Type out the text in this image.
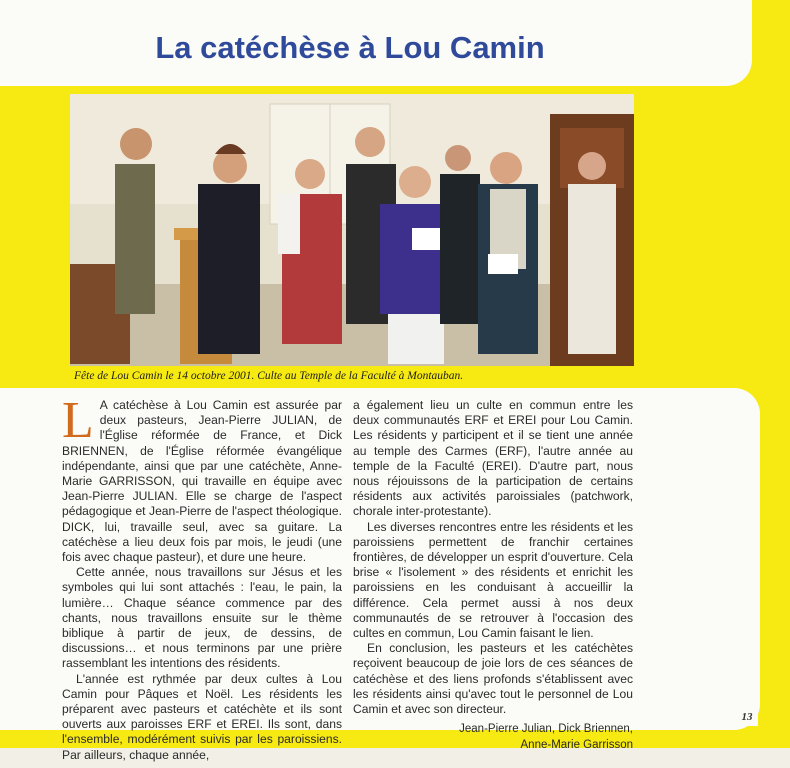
La catéchèse à Lou Camin
Fête de Lou Camin le 14 octobre 2001. Culte au Temple de la Faculté à Montauban.

L A catéchèse à Lou Camin est assurée par deux pasteurs, Jean-Pierre JULIAN, de l'Église réformée de France, et Dick BRIENNEN, de l'Église réformée évangélique indépendante, ainsi que par une catéchète, Anne-Marie GARRISSON, qui travaille en équipe avec Jean-Pierre JULIAN. Elle se charge de l'aspect pédagogique et Jean-Pierre de l'aspect théologique. DICK, lui, travaille seul, avec sa guitare. La catéchèse a lieu deux fois par mois, le jeudi (une fois avec chaque pasteur), et dure une heure.

Cette année, nous travaillons sur Jésus et les symboles qui lui sont attachés : l'eau, le pain, la lumière… Chaque séance commence par des chants, nous travaillons ensuite sur le thème biblique à partir de jeux, de dessins, de discussions… et nous terminons par une prière rassemblant les intentions des résidents.

L'année est rythmée par deux cultes à Lou Camin pour Pâques et Noël. Les résidents les préparent avec pasteurs et catéchète et ils sont ouverts aux paroisses ERF et EREI. Ils sont, dans l'ensemble, modérément suivis par les paroissiens. Par ailleurs, chaque année,

a également lieu un culte en commun entre les deux communautés ERF et EREI pour Lou Camin. Les résidents y participent et il se tient une année au temple des Carmes (ERF), l'autre année au temple de la Faculté (EREI). D'autre part, nous nous réjouissons de la participation de certains résidents aux activités paroissiales (patchwork, chorale inter-protestante).

Les diverses rencontres entre les résidents et les paroissiens permettent de franchir certaines frontières, de développer un esprit d'ouverture. Cela brise « l'isolement » des résidents et enrichit les paroissiens en les conduisant à accueillir la différence. Cela permet aussi à nos deux communautés de se retrouver à l'occasion des cultes en commun, Lou Camin faisant le lien.

En conclusion, les pasteurs et les catéchètes reçoivent beaucoup de joie lors de ces séances de catéchèse et des liens profonds s'établissent avec les résidents ainsi qu'avec tout le personnel de Lou Camin et avec son directeur.

Jean-Pierre Julian, Dick Briennen,
Anne-Marie Garrisson
13
